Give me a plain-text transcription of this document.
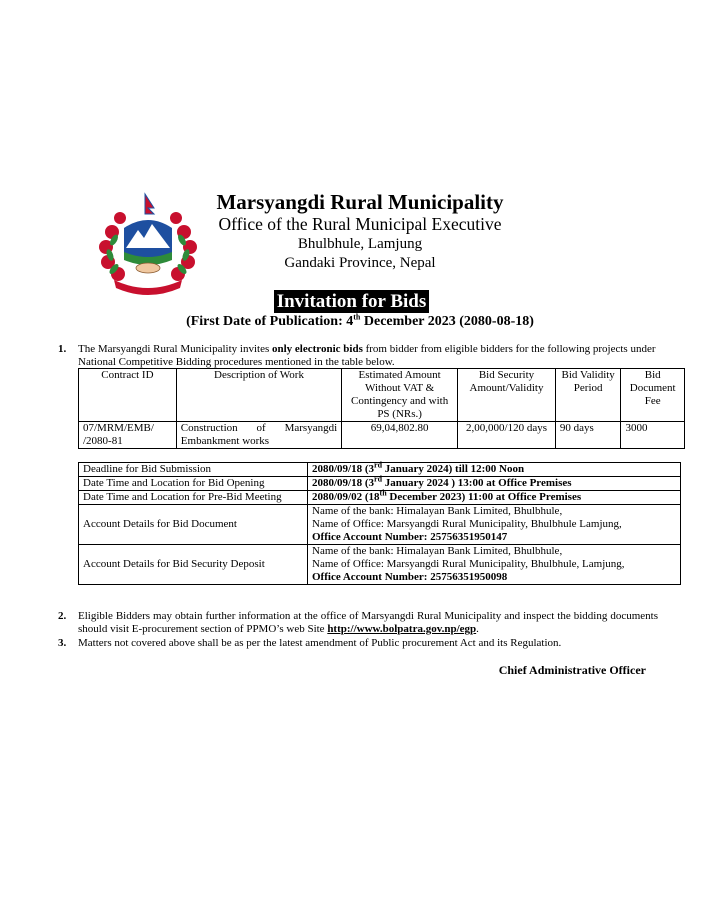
Marsyangdi Rural Municipality
Office of the Rural Municipal Executive
Bhulbhule, Lamjung
Gandaki Province, Nepal
Invitation for Bids
(First Date of Publication: 4th December 2023 (2080-08-18)
1. The Marsyangdi Rural Municipality invites only electronic bids from bidder from eligible bidders for the following projects under National Competitive Bidding procedures mentioned in the table below.
Contract ID	Description of Work	Estimated Amount Without VAT & Contingency and with PS (NRs.)	Bid Security Amount/Validity	Bid Validity Period	Bid Document Fee
07/MRM/EMB/ /2080-81	Construction of Marsyangdi Embankment works	69,04,802.80	2,00,000/120 days	90 days	3000
Deadline for Bid Submission	2080/09/18 (3rd January 2024) till 12:00 Noon
Date Time and Location for Bid Opening	2080/09/18 (3rd January 2024 ) 13:00 at Office Premises
Date Time and Location for Pre-Bid Meeting	2080/09/02 (18th December 2023) 11:00 at Office Premises
Account Details for Bid Document	Name of the bank: Himalayan Bank Limited, Bhulbhule,
Name of Office: Marsyangdi Rural Municipality, Bhulbhule Lamjung,
Office Account Number: 25756351950147

Account Details for Bid Security Deposit	Name of the bank: Himalayan Bank Limited, Bhulbhule,
Name of Office: Marsyangdi Rural Municipality, Bhulbhule, Lamjung,
Office Account Number: 25756351950098
2. Eligible Bidders may obtain further information at the office of Marsyangdi Rural Municipality and inspect the bidding documents should visit E-procurement section of PPMO’s web Site http://www.bolpatra.gov.np/egp.
3. Matters not covered above shall be as per the latest amendment of Public procurement Act and its Regulation.
Chief Administrative Officer
